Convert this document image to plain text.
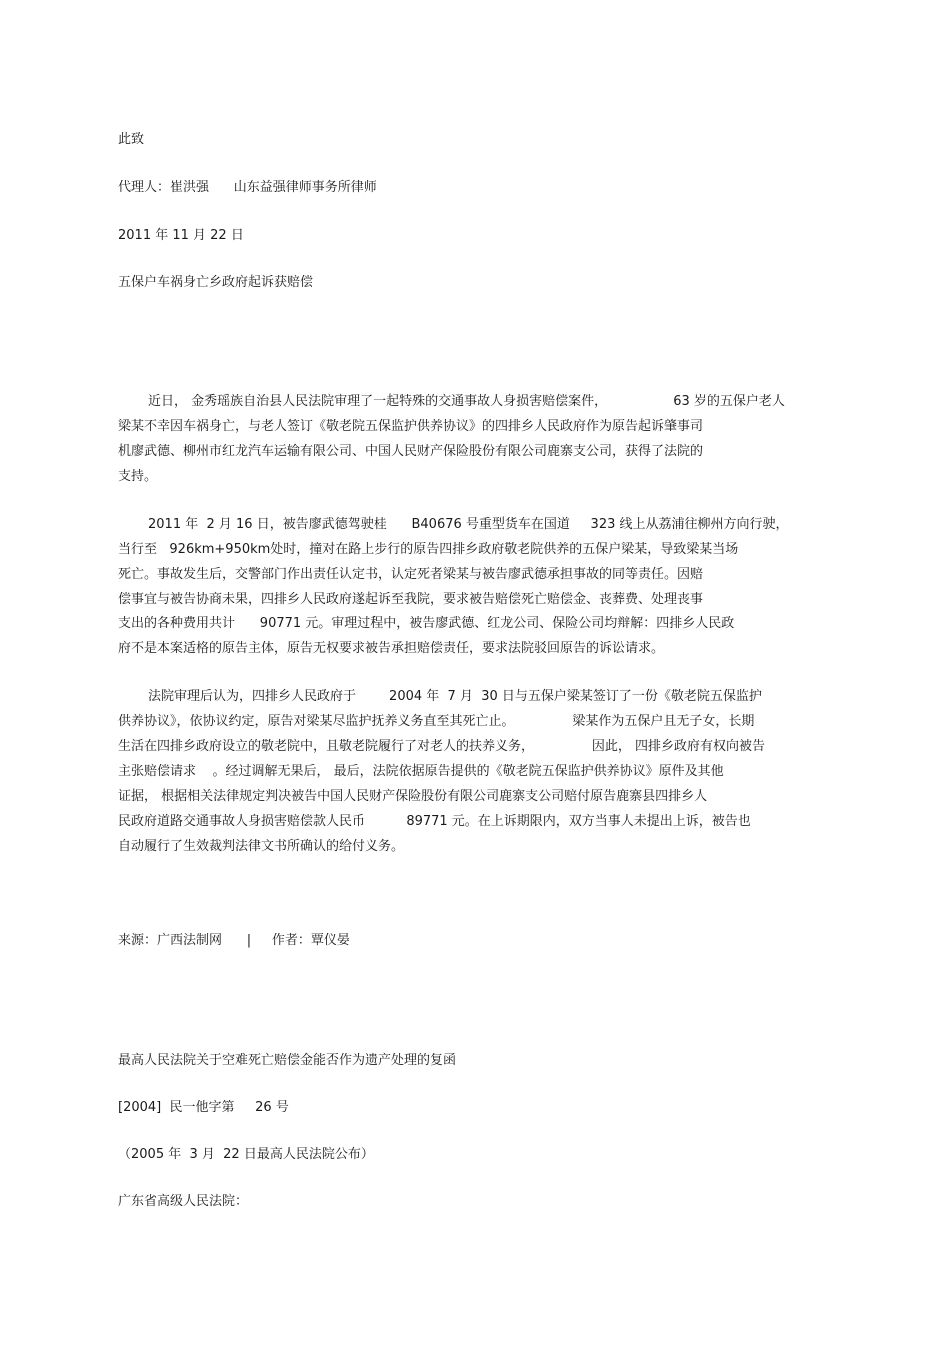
此致
代理人：崔洪强      山东益强律师事务所律师
2011 年 11 月 22 日
五保户车祸身亡乡政府起诉获赔偿
近日， 金秀瑶族自治县人民法院审理了一起特殊的交通事故人身损害赔偿案件，                63 岁的五保户老人
梁某不幸因车祸身亡，与老人签订《敬老院五保监护供养协议》的四排乡人民政府作为原告起诉肇事司
机廖武德、柳州市红龙汽车运输有限公司、中国人民财产保险股份有限公司鹿寨支公司，获得了法院的
支持。
2011 年  2 月 16 日，被告廖武德驾驶桂      B40676 号重型货车在国道     323 线上从荔浦往柳州方向行驶，
当行至   926km+950km处时，撞对在路上步行的原告四排乡政府敬老院供养的五保户梁某，导致梁某当场
死亡。事故发生后，交警部门作出责任认定书，认定死者梁某与被告廖武德承担事故的同等责任。因赔
偿事宜与被告协商未果，四排乡人民政府遂起诉至我院，要求被告赔偿死亡赔偿金、丧葬费、处理丧事
支出的各种费用共计      90771 元。审理过程中，被告廖武德、红龙公司、保险公司均辩解：四排乡人民政
府不是本案适格的原告主体，原告无权要求被告承担赔偿责任，要求法院驳回原告的诉讼请求。
法院审理后认为，四排乡人民政府于        2004 年  7 月  30 日与五保户梁某签订了一份《敬老院五保监护
供养协议》，依协议约定，原告对梁某尽监护抚养义务直至其死亡止。              梁某作为五保户且无子女，长期
生活在四排乡政府设立的敬老院中，且敬老院履行了对老人的扶养义务，              因此， 四排乡政府有权向被告
主张赔偿请求    。经过调解无果后， 最后，法院依据原告提供的《敬老院五保监护供养协议》原件及其他
证据， 根据相关法律规定判决被告中国人民财产保险股份有限公司鹿寨支公司赔付原告鹿寨县四排乡人
民政府道路交通事故人身损害赔偿款人民币          89771 元。在上诉期限内，双方当事人未提出上诉，被告也
自动履行了生效裁判法律文书所确认的给付义务。
来源：广西法制网      |     作者：覃仪晏
最高人民法院关于空难死亡赔偿金能否作为遗产处理的复函
[2004]  民一他字第     26 号
（2005 年  3 月  22 日最高人民法院公布）
广东省高级人民法院：
